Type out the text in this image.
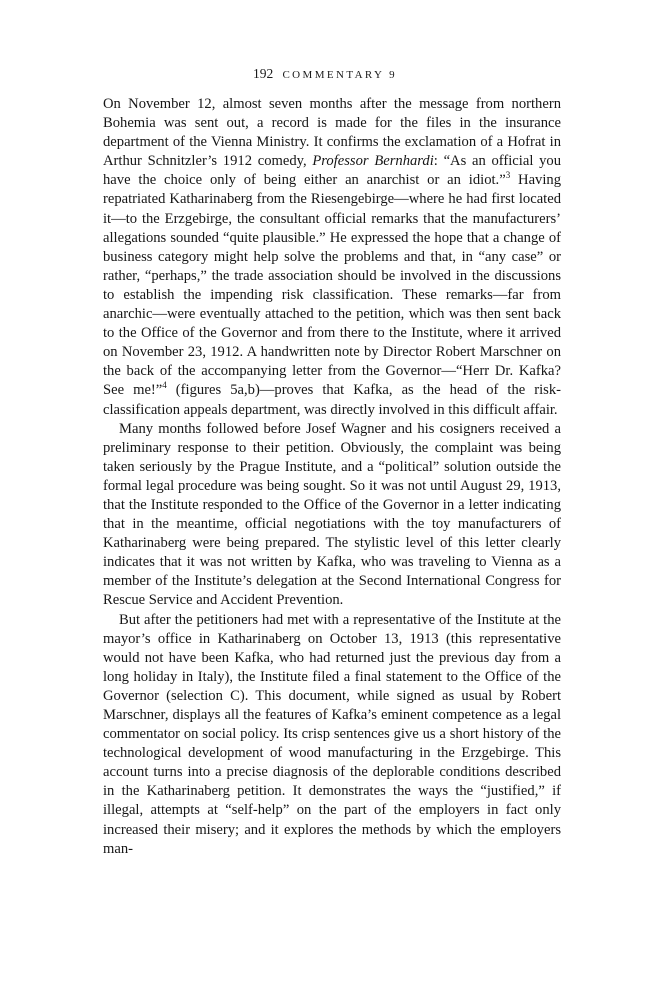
192 COMMENTARY 9

On November 12, almost seven months after the message from northern Bohemia was sent out, a record is made for the files in the insurance department of the Vienna Ministry. It confirms the exclamation of a Hofrat in Arthur Schnitzler’s 1912 comedy, Professor Bernhardi: “As an official you have the choice only of being either an anarchist or an idiot.”$^3$ Having repatriated Katharinaberg from the Riesengebirge—where he had first located it—to the Erzgebirge, the consultant official remarks that the manufacturers’ allegations sounded “quite plausible.” He expressed the hope that a change of business category might help solve the problems and that, in “any case” or rather, “perhaps,” the trade association should be involved in the discussions to establish the impending risk classification. These remarks—far from anarchic—were eventually attached to the petition, which was then sent back to the Office of the Governor and from there to the Institute, where it arrived on November 23, 1912. A handwritten note by Director Robert Marschner on the back of the accompanying letter from the Governor—“Herr Dr. Kafka? See me!”$^4$ (figures 5a,b)—proves that Kafka, as the head of the risk-classification appeals department, was directly involved in this difficult affair.

Many months followed before Josef Wagner and his cosigners received a preliminary response to their petition. Obviously, the complaint was being taken seriously by the Prague Institute, and a “political” solution outside the formal legal procedure was being sought. So it was not until August 29, 1913, that the Institute responded to the Office of the Governor in a letter indicating that in the meantime, official negotiations with the toy manufacturers of Katharinaberg were being prepared. The stylistic level of this letter clearly indicates that it was not written by Kafka, who was traveling to Vienna as a member of the Institute’s delegation at the Second International Congress for Rescue Service and Accident Prevention.

But after the petitioners had met with a representative of the Institute at the mayor’s office in Katharinaberg on October 13, 1913 (this representative would not have been Kafka, who had returned just the previous day from a long holiday in Italy), the Institute filed a final statement to the Office of the Governor (selection C). This document, while signed as usual by Robert Marschner, displays all the features of Kafka’s eminent competence as a legal commentator on social policy. Its crisp sentences give us a short history of the technological development of wood manufacturing in the Erzgebirge. This account turns into a precise diagnosis of the deplorable conditions described in the Katharinaberg petition. It demonstrates the ways the “justified,” if illegal, attempts at “self-help” on the part of the employers in fact only increased their misery; and it explores the methods by which the employers man-
